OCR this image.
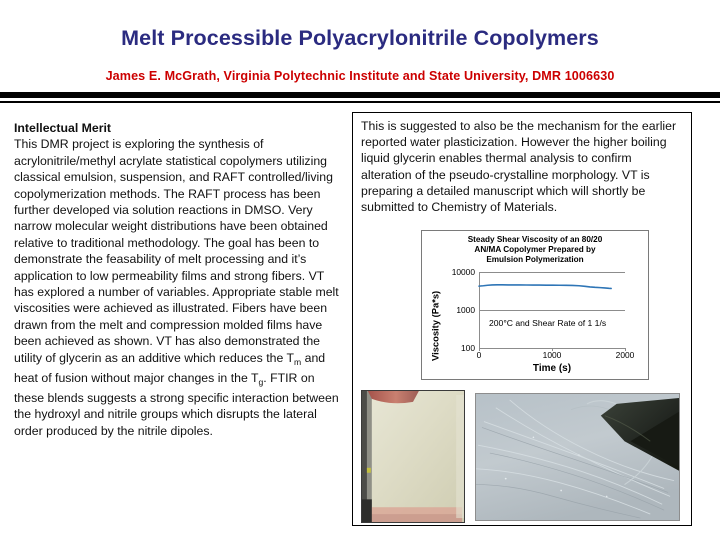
Melt Processible Polyacrylonitrile Copolymers
James E. McGrath, Virginia Polytechnic Institute and State University, DMR 1006630
Intellectual Merit
This DMR project is exploring the synthesis of acrylonitrile/methyl acrylate statistical copolymers utilizing classical emulsion, suspension, and RAFT controlled/living copolymerization methods. The RAFT process has been further developed via solution reactions in DMSO. Very narrow molecular weight distributions have been obtained relative to traditional methodology. The goal has been to demonstrate the feasability of melt processing and it’s application to low permeability films and strong fibers. VT has explored a number of variables. Appropriate stable melt viscosities were achieved as illustrated. Fibers have been drawn from the melt and compression molded films have been achieved as shown. VT has also demonstrated the utility of glycerin as an additive which reduces the $T_m$ and heat of fusion without major changes in the $T_g$. FTIR on these blends suggests a strong specific interaction between the hydroxyl and nitrile groups which disrupts the lateral order produced by the nitrile dipoles.
This is suggested to also be the mechanism for the earlier reported water plasticization. However the higher boiling liquid glycerin enables thermal analysis to confirm alteration of the pseudo-crystalline morphology. VT is preparing a detailed manuscript which will shortly be submitted to Chemistry of Materials.
Steady Shear Viscosity of an 80/20
AN/MA Copolymer Prepared by
Emulsion Polymerization
Viscosity (Pa*s)
10000
1000
100
0	1000	2000
200°C and Shear Rate of 1 1/s
Time (s)
